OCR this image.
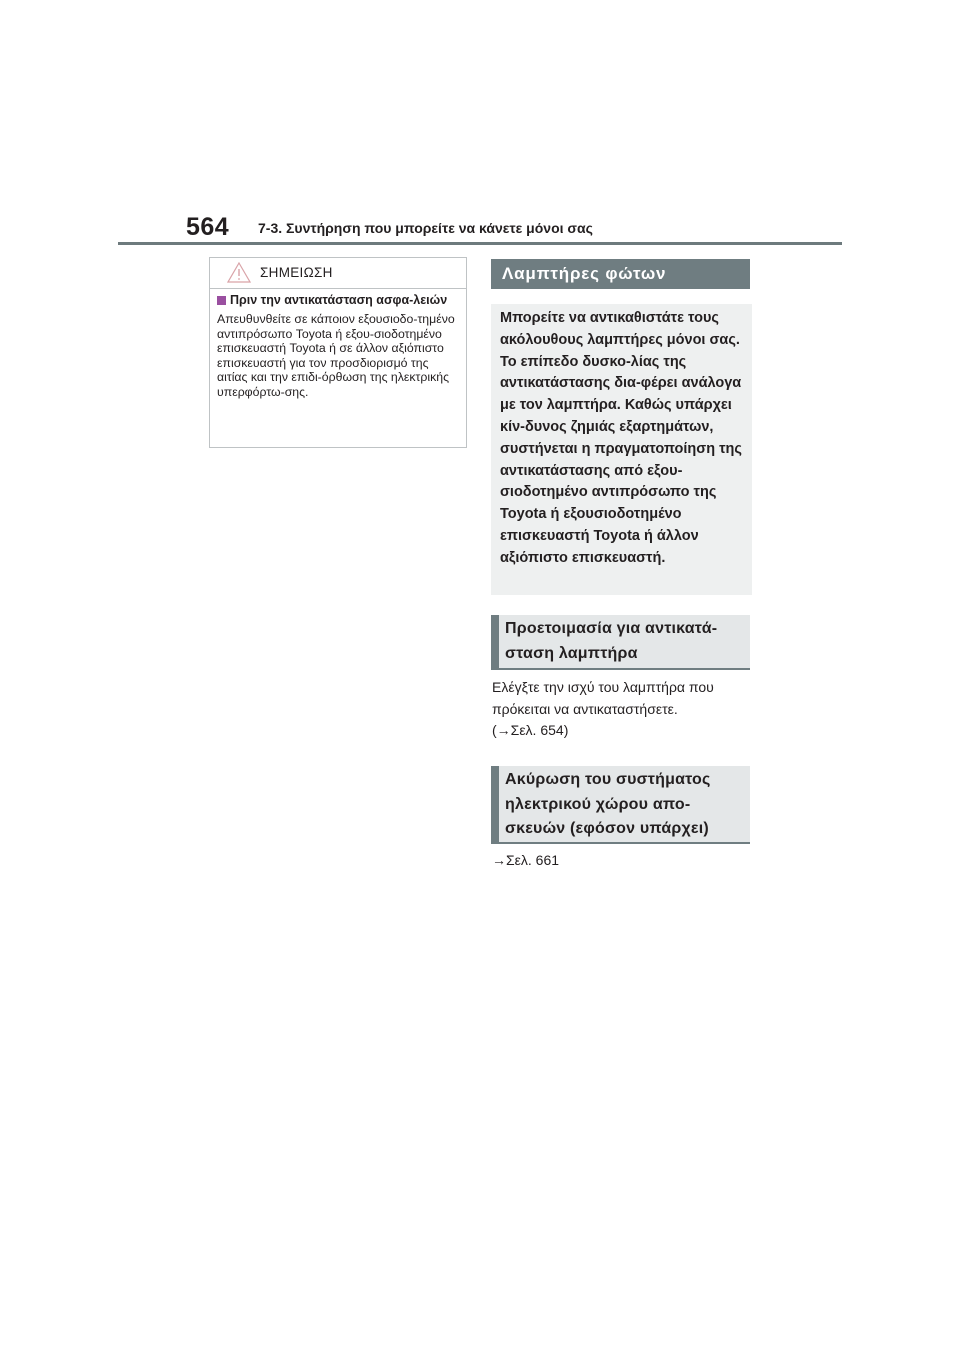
564 7-3. Συντήρηση που μπορείτε να κάνετε μόνοι σας
ΣΗΜΕΙΩΣΗ
Πριν την αντικατάσταση ασφα-λειών
Απευθυνθείτε σε κάποιον εξουσιοδο-τημένο αντιπρόσωπο Toyota ή εξου-σιοδοτημένο επισκευαστή Toyota ή σε άλλον αξιόπιστο επισκευαστή για τον προσδιορισμό της αιτίας και την επιδι-όρθωση της ηλεκτρικής υπερφόρτω-σης.
Λαμπτήρες φώτων
Μπορείτε να αντικαθιστάτε τους ακόλουθους λαμπτήρες μόνοι σας. Το επίπεδο δυσκο-λίας της αντικατάστασης δια-φέρει ανάλογα με τον λαμπτήρα. Καθώς υπάρχει κίν-δυνος ζημιάς εξαρτημάτων, συστήνεται η πραγματοποίηση της αντικατάστασης από εξου-σιοδοτημένο αντιπρόσωπο της Toyota ή εξουσιοδοτημένο επισκευαστή Toyota ή άλλον αξιόπιστο επισκευαστή.
Προετοιμασία για αντικατά-σταση λαμπτήρα
Ελέγξτε την ισχύ του λαμπτήρα που
πρόκειται να αντικαταστήσετε.
(→Σελ. 654)
Ακύρωση του συστήματος ηλεκτρικού χώρου απο-σκευών (εφόσον υπάρχει)
→Σελ. 661
